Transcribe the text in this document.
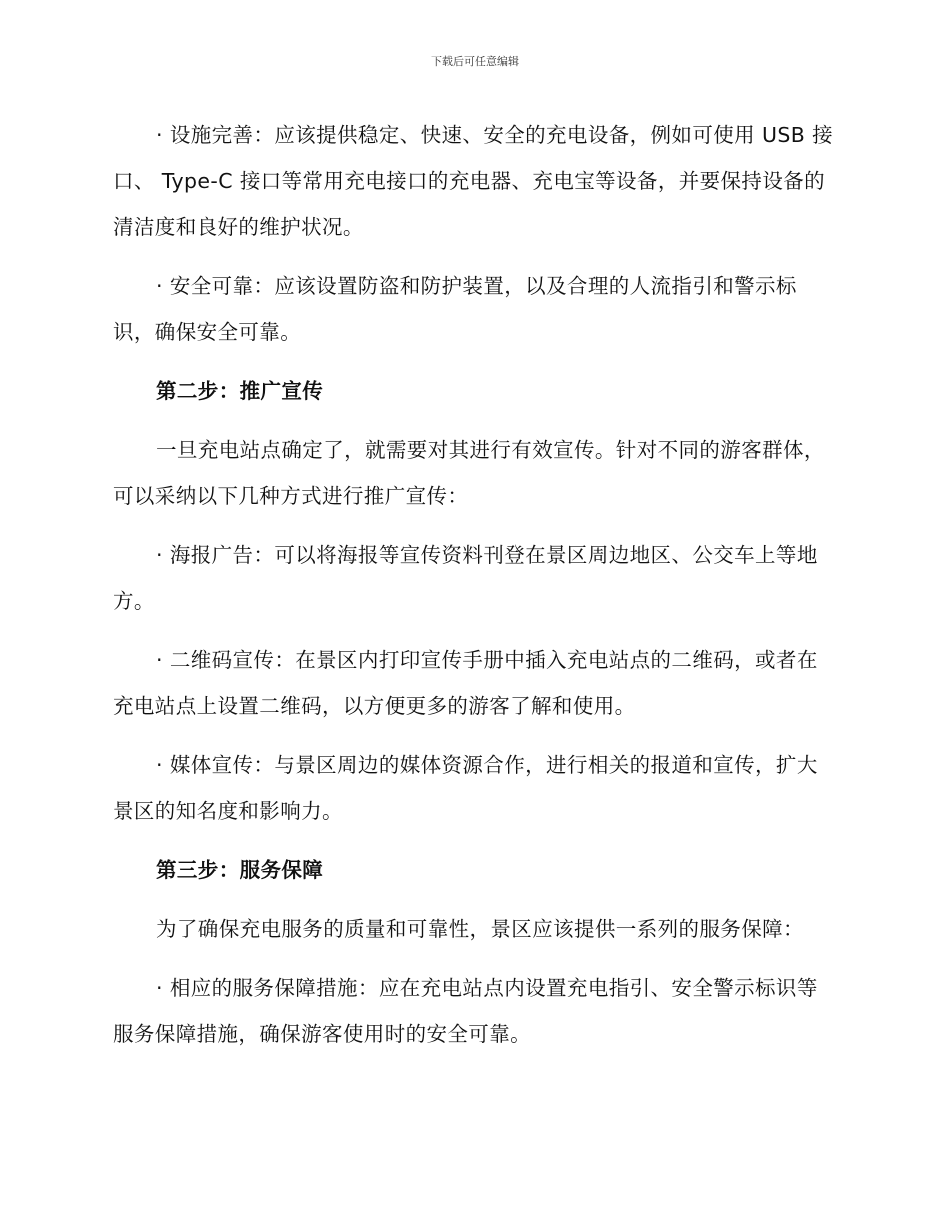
下载后可任意编辑

· 设施完善：应该提供稳定、快速、安全的充电设备，例如可使用 USB 接口、 Type-C 接口等常用充电接口的充电器、充电宝等设备，并要保持设备的清洁度和良好的维护状况。

· 安全可靠：应该设置防盗和防护装置，以及合理的人流指引和警示标识，确保安全可靠。

第二步：推广宣传

一旦充电站点确定了，就需要对其进行有效宣传。针对不同的游客群体，可以采纳以下几种方式进行推广宣传：

· 海报广告：可以将海报等宣传资料刊登在景区周边地区、公交车上等地方。

· 二维码宣传：在景区内打印宣传手册中插入充电站点的二维码，或者在充电站点上设置二维码，以方便更多的游客了解和使用。

· 媒体宣传：与景区周边的媒体资源合作，进行相关的报道和宣传，扩大景区的知名度和影响力。

第三步：服务保障

为了确保充电服务的质量和可靠性，景区应该提供一系列的服务保障：

· 相应的服务保障措施：应在充电站点内设置充电指引、安全警示标识等服务保障措施，确保游客使用时的安全可靠。
